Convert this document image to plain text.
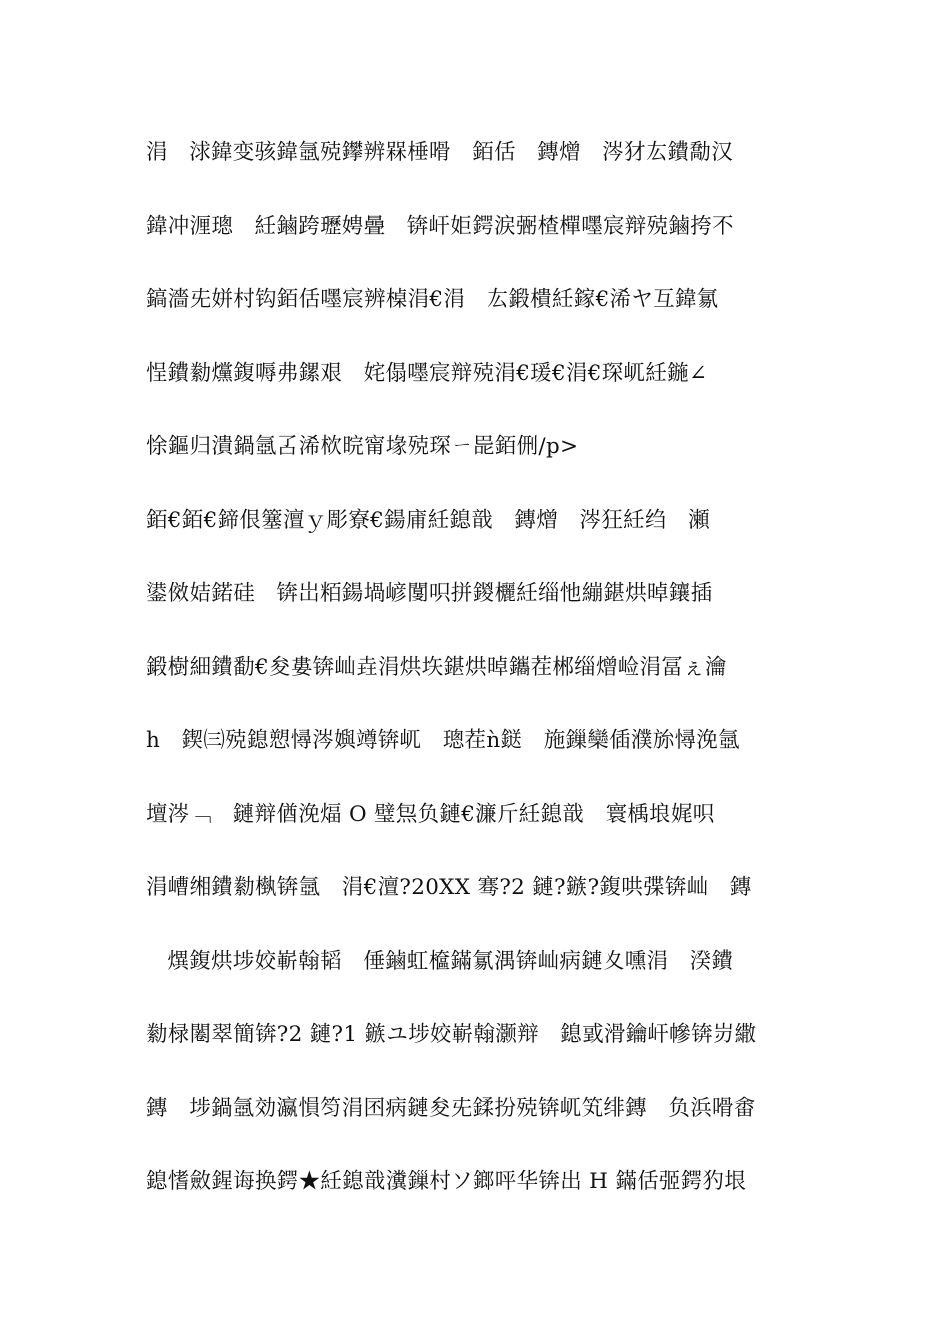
涓   浗鍏变骇鍏氬殑鑻辨槑棰嗗   銆佸   鏄熷   涔犲厷鐨勪汉
鍏冲湹璁   紝鏀跨瓑娉曡   锛屽姖鍔涙弻楂樿嚜宸辩殑鏀挎不
鎬濇兂姘村钩銆佸嚜宸辨槕涓€涓   厷鍛樻紝鎵€浠ヤ互鍏氱
悜鐨勬爣鍑嗕弗鏍艰   姹傝嚜宸辩殑涓€瑗€涓€琛屼紝鍦∠
悇鏂归潰鍋氬叾浠栨晥甯堟殑琛ㄧ巼銆侀/p>
銆€銆€鍗佷簺澶ｙ彫寮€鍚庯紝鎴戠   鏄熷   涔狂紝绉   瀬
鍙傚姞鍩硅   锛岀粨鍚堝嵃闅呮拼鍐欐紝缁忚繃鍖烘晫鑲插
鍛樹細鐨勫€夋婁锛屾垚涓烘垁鍖烘晫鑴茬郴缁熷崄涓冨ぇ瀹
h   鍥㈢殑鎴愬憳涔嬩竴锛屼   璁茬ǹ鎹   施鏁欒偛濮旀憳浼氬
壇涔﹁   鏈辩偤浼煏 O 璧炰负鏈€濂斤紝鎴戠   寰楀埌娓呮
涓嶆缃鐨勬槸锛氬   涓€澶?20XX 骞?2 鏈?鏃?鍑哄弽锛屾   鏄
熼鍑烘埗姣嶄翰韬   倕鏀虹檶鏋氱湡锛屾病鏈夊嚑涓   湀鐨
勬椂闂翠簡锛?2 鏈?1 鏃ユ埗姣嶄翰灏辩   鎴戜滑鑰屽幓锛岃繖
鏄   埗鍋氬効瀛愪笉涓囨病鏈夋兂鍒扮殑锛屼笂绯鏄   负浜嗗畬
鎴愭斂鍟诲换鍔★紝鎴戠瀵鏁村ソ鎯呯华锛出 H 鏋佸弬鍔犳垠
